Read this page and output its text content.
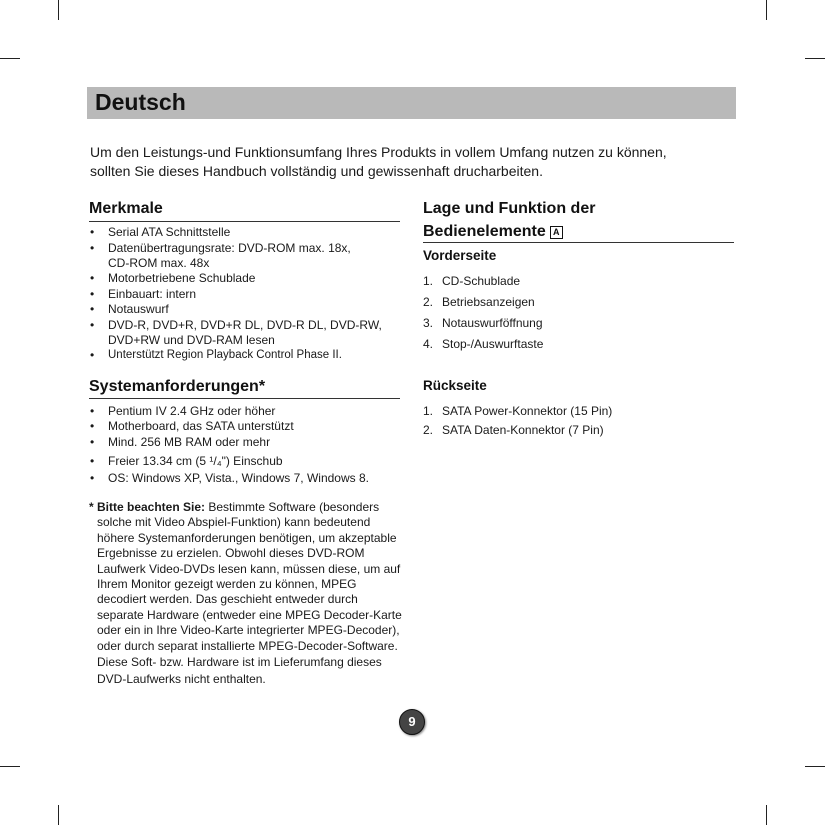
Deutsch
Um den Leistungs-und Funktionsumfang Ihres Produkts in vollem Umfang nutzen zu können,
sollten Sie dieses Handbuch vollständig und gewissenhaft drucharbeiten.
Merkmale
• Serial ATA Schnittstelle
• Datenübertragungsrate: DVD-ROM max. 18x, CD-ROM max. 48x
• Motorbetriebene Schublade
• Einbauart: intern
• Notauswurf
• DVD-R, DVD+R, DVD+R DL, DVD-R DL, DVD-RW, DVD+RW und DVD-RAM lesen
• Unterstützt Region Playback Control Phase II.
Systemanforderungen*
• Pentium IV 2.4 GHz oder höher
• Motherboard, das SATA unterstützt
• Mind. 256 MB RAM oder mehr
• Freier 13.34 cm (5 ¹/₄") Einschub
• OS: Windows XP, Vista., Windows 7, Windows 8.
* Bitte beachten Sie: Bestimmte Software (besonders solche mit Video Abspiel-Funktion) kann bedeutend höhere Systemanforderungen benötigen, um akzeptable Ergebnisse zu erzielen. Obwohl dieses DVD-ROM Laufwerk Video-DVDs lesen kann, müssen diese, um auf Ihrem Monitor gezeigt werden zu können, MPEG decodiert werden. Das geschieht entweder durch separate Hardware (entweder eine MPEG Decoder-Karte oder ein in Ihre Video-Karte integrierter MPEG-Decoder), oder durch separat installierte MPEG-Decoder-Software.

Diese Soft- bzw. Hardware ist im Lieferumfang dieses DVD-Laufwerks nicht enthalten.

Lage und Funktion der
Bedienelemente A
Vorderseite
1. CD-Schublade
2. Betriebsanzeigen
3. Notauswurföffnung
4. Stop-/Auswurftaste
Rückseite
1. SATA Power-Konnektor (15 Pin)
2. SATA Daten-Konnektor (7 Pin)
9
